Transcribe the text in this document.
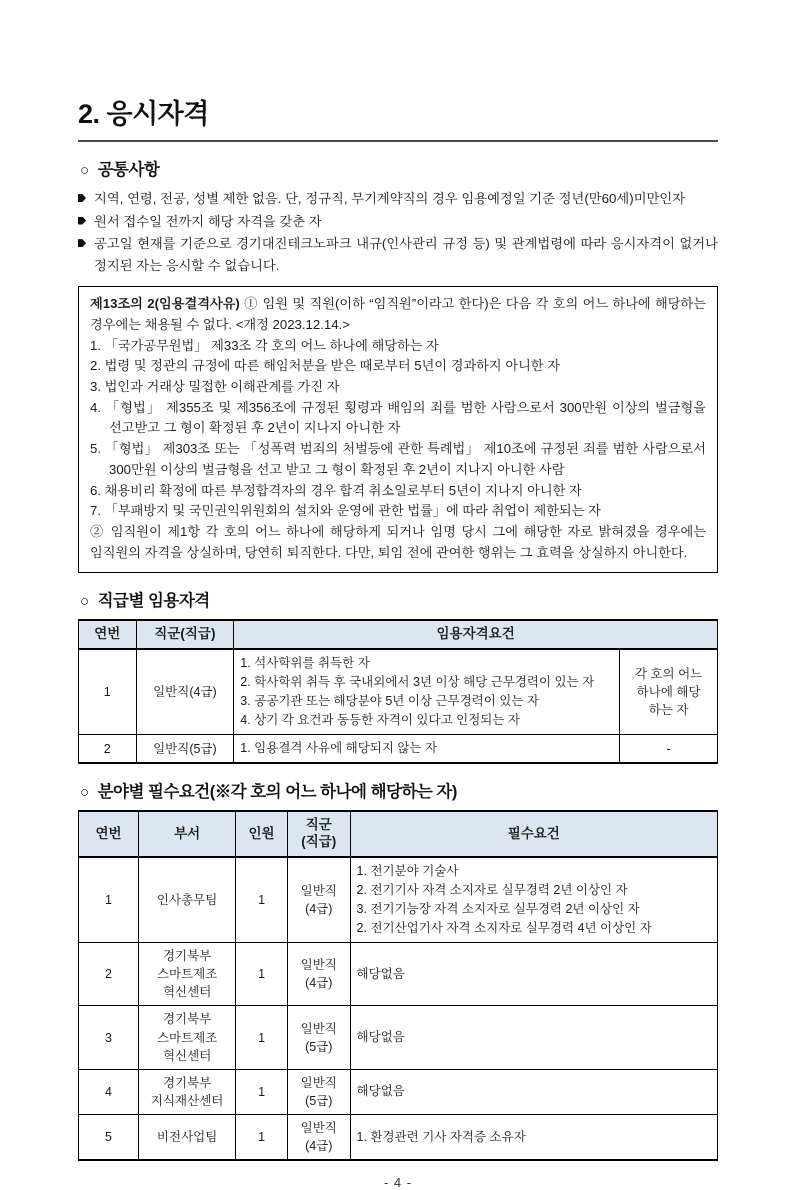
2. 응시자격
○ 공통사항
지역, 연령, 전공, 성별 제한 없음. 단, 정규직, 무기계약직의 경우 임용예정일 기준 정년(만60세)미만인자
원서 접수일 전까지 해당 자격을 갖춘 자
공고일 현재를 기준으로 경기대진테크노파크 내규(인사관리 규정 등) 및 관계법령에 따라 응시자격이 없거나 정지된 자는 응시할 수 없습니다.

제13조의 2(임용결격사유) ① 임원 및 직원(이하 “임직원”이라고 한다)은 다음 각 호의 어느 하나에 해당하는 경우에는 채용될 수 없다. <개정 2023.12.14.>

1. 「국가공무원법」 제33조 각 호의 어느 하나에 해당하는 자

2. 법령 및 정관의 규정에 따른 해임처분을 받은 때로부터 5년이 경과하지 아니한 자

3. 법인과 거래상 밀접한 이해관계를 가진 자

4. 「형법」 제355조 및 제356조에 규정된 횡령과 배임의 죄를 범한 사람으로서 300만원 이상의 벌금형을 선고받고 그 형이 확정된 후 2년이 지나지 아니한 자

5. 「형법」 제303조 또는 「성폭력 범죄의 처벌등에 관한 특례법」 제10조에 규정된 죄를 범한 사람으로서 300만원 이상의 벌금형을 선고 받고 그 형이 확정된 후 2년이 지나지 아니한 사람

6. 채용비리 확정에 따른 부정합격자의 경우 합격 취소일로부터 5년이 지나지 아니한 자

7. 「부패방지 및 국민권익위원회의 설치와 운영에 관한 법률」에 따라 취업이 제한되는 자

② 임직원이 제1항 각 호의 어느 하나에 해당하게 되거나 임명 당시 그에 해당한 자로 밝혀졌을 경우에는 임직원의 자격을 상실하며, 당연히 퇴직한다. 다만, 퇴임 전에 관여한 행위는 그 효력을 상실하지 아니한다.

○ 직급별 임용자격
연번	직군(직급)	임용자격요건	
1	일반직(4급)	1. 석사학위를 취득한 자
2. 학사학위 취득 후 국내외에서 3년 이상 해당 근무경력이 있는 자
3. 공공기관 또는 해당분야 5년 이상 근무경력이 있는 자
4. 상기 각 요건과 동등한 자격이 있다고 인정되는 자	각 호의 어느
하나에 해당
하는 자
2	일반직(5급)	1. 임용결격 사유에 해당되지 않는 자	-
○ 분야별 필수요건(※각 호의 어느 하나에 해당하는 자)
연번	부서	인원	직군
(직급)	필수요건
1	인사총무팀	1	일반직
(4급)	1. 전기분야 기술사
2. 전기기사 자격 소지자로 실무경력 2년 이상인 자
3. 전기기능장 자격 소지자로 실무경력 2년 이상인 자
2. 전기산업기사 자격 소지자로 실무경력 4년 이상인 자
2	경기북부
스마트제조
혁신센터	1	일반직
(4급)	해당없음
3	경기북부
스마트제조
혁신센터	1	일반직
(5급)	해당없음
4	경기북부
지식재산센터	1	일반직
(5급)	해당없음
5	비전사업팀	1	일반직
(4급)	1. 환경관련 기사 자격증 소유자
- 4 -
